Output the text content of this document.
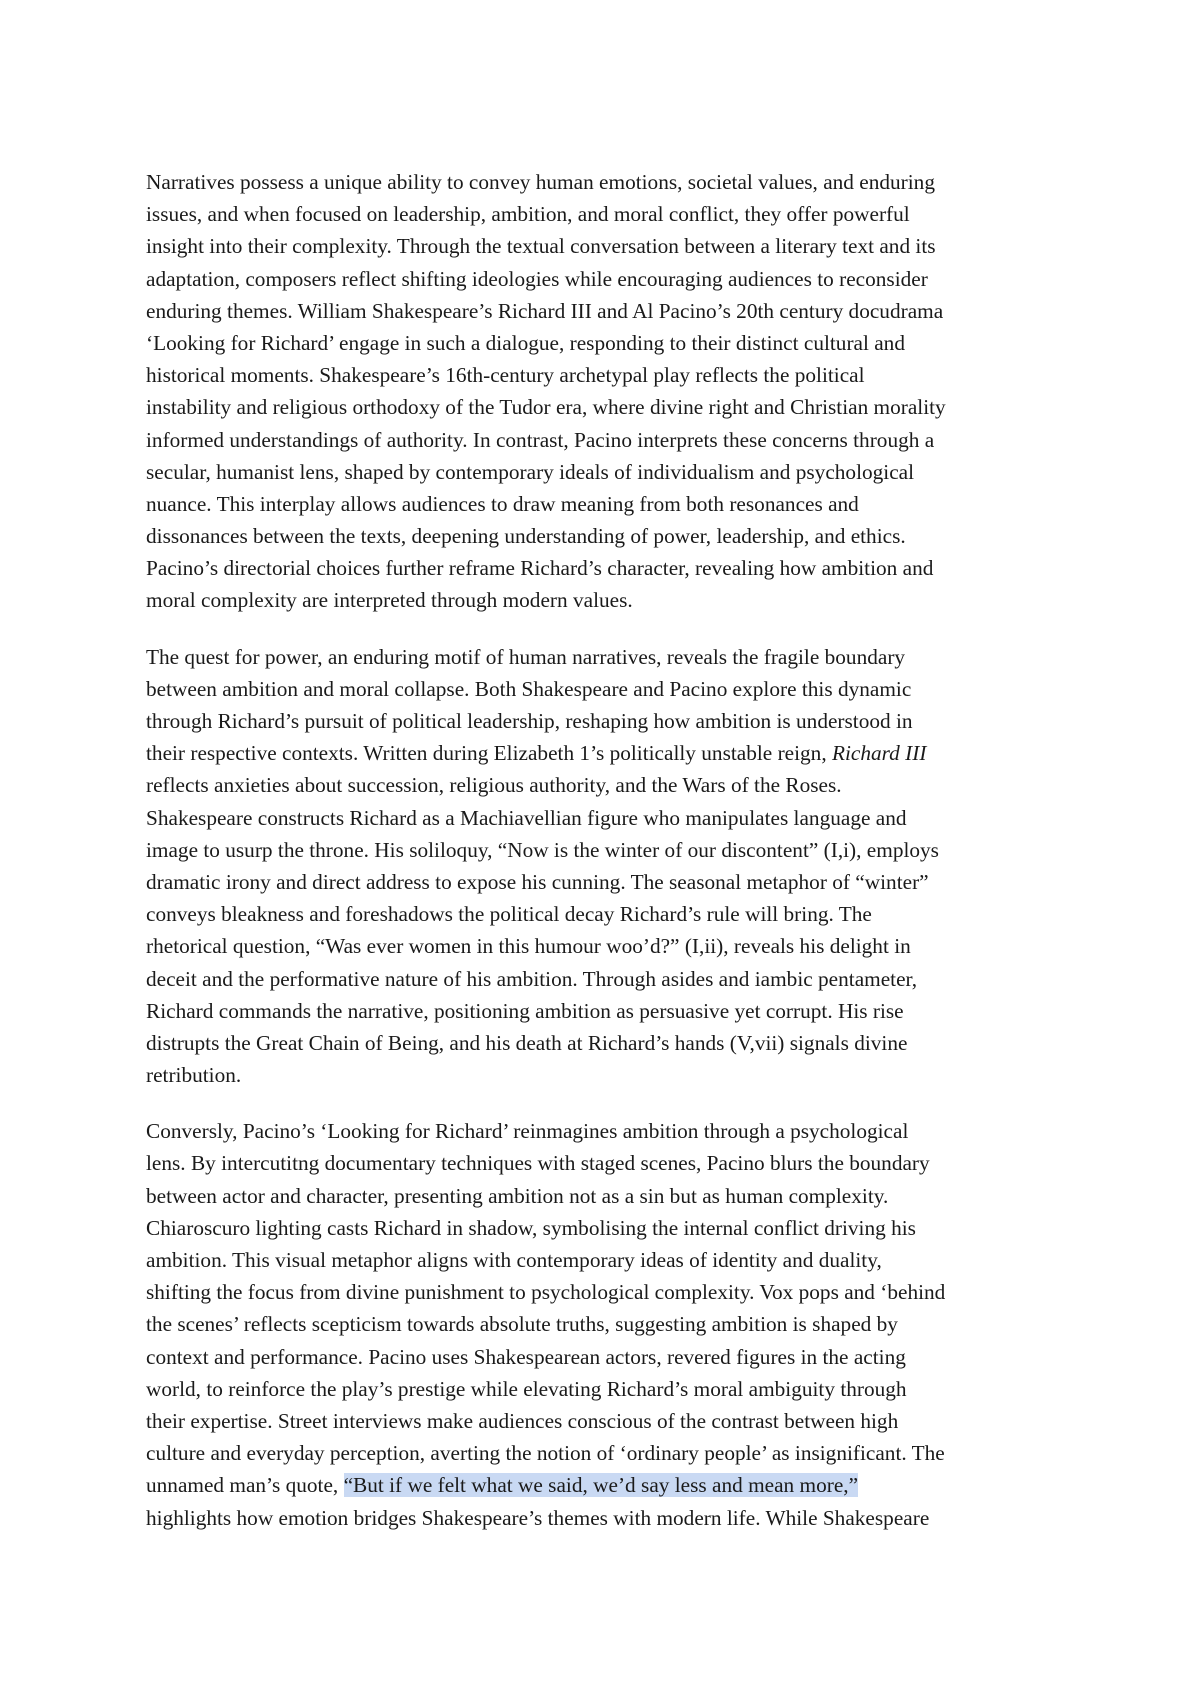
Narratives possess a unique ability to convey human emotions, societal values, and enduring
issues, and when focused on leadership, ambition, and moral conflict, they offer powerful
insight into their complexity. Through the textual conversation between a literary text and its
adaptation, composers reflect shifting ideologies while encouraging audiences to reconsider
enduring themes. William Shakespeare’s Richard III and Al Pacino’s 20th century docudrama
‘Looking for Richard’ engage in such a dialogue, responding to their distinct cultural and
historical moments. Shakespeare’s 16th-century archetypal play reflects the political
instability and religious orthodoxy of the Tudor era, where divine right and Christian morality
informed understandings of authority. In contrast, Pacino interprets these concerns through a
secular, humanist lens, shaped by contemporary ideals of individualism and psychological
nuance. This interplay allows audiences to draw meaning from both resonances and
dissonances between the texts, deepening understanding of power, leadership, and ethics.
Pacino’s directorial choices further reframe Richard’s character, revealing how ambition and
moral complexity are interpreted through modern values.
The quest for power, an enduring motif of human narratives, reveals the fragile boundary
between ambition and moral collapse. Both Shakespeare and Pacino explore this dynamic
through Richard’s pursuit of political leadership, reshaping how ambition is understood in
their respective contexts. Written during Elizabeth 1’s politically unstable reign, Richard III
reflects anxieties about succession, religious authority, and the Wars of the Roses.
Shakespeare constructs Richard as a Machiavellian figure who manipulates language and
image to usurp the throne. His soliloquy, “Now is the winter of our discontent” (I,i), employs
dramatic irony and direct address to expose his cunning. The seasonal metaphor of “winter”
conveys bleakness and foreshadows the political decay Richard’s rule will bring. The
rhetorical question, “Was ever women in this humour woo’d?” (I,ii), reveals his delight in
deceit and the performative nature of his ambition. Through asides and iambic pentameter,
Richard commands the narrative, positioning ambition as persuasive yet corrupt. His rise
distrupts the Great Chain of Being, and his death at Richard’s hands (V,vii) signals divine
retribution.
Conversly, Pacino’s ‘Looking for Richard’ reinmagines ambition through a psychological
lens. By intercutitng documentary techniques with staged scenes, Pacino blurs the boundary
between actor and character, presenting ambition not as a sin but as human complexity.
Chiaroscuro lighting casts Richard in shadow, symbolising the internal conflict driving his
ambition. This visual metaphor aligns with contemporary ideas of identity and duality,
shifting the focus from divine punishment to psychological complexity. Vox pops and ‘behind
the scenes’ reflects scepticism towards absolute truths, suggesting ambition is shaped by
context and performance. Pacino uses Shakespearean actors, revered figures in the acting
world, to reinforce the play’s prestige while elevating Richard’s moral ambiguity through
their expertise. Street interviews make audiences conscious of the contrast between high
culture and everyday perception, averting the notion of ‘ordinary people’ as insignificant. The
unnamed man’s quote, “But if we felt what we said, we’d say less and mean more,”
highlights how emotion bridges Shakespeare’s themes with modern life. While Shakespeare
